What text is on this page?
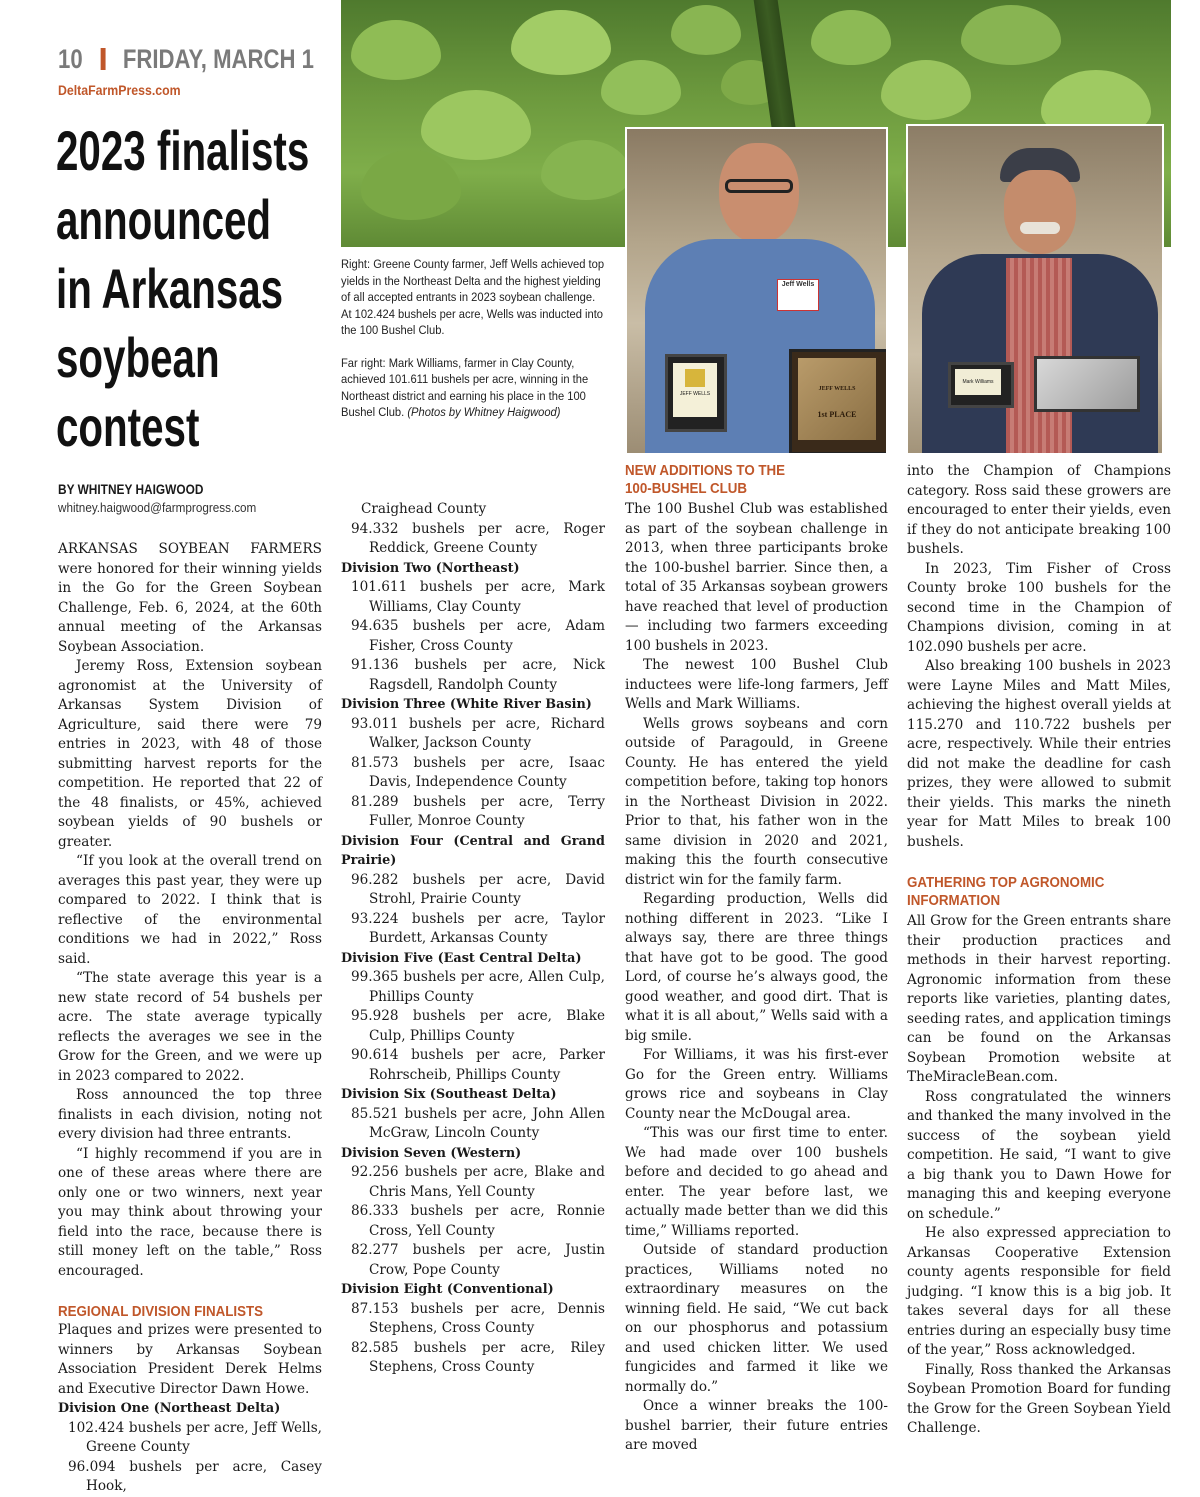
10 FRIDAY, MARCH 1
DeltaFarmPress.com
2023 finalists
announced
in Arkansas
soybean
contest
Right: Greene County farmer, Jeff Wells achieved top yields in the Northeast Delta and the highest yielding of all accepted entrants in 2023 soybean challenge. At 102.424 bushels per acre, Wells was inducted into the 100 Bushel Club.
Far right: Mark Williams, farmer in Clay County, achieved 101.611 bushels per acre, winning in the Northeast district and earning his place in the 100 Bushel Club. (Photos by Whitney Haigwood)
Jeff Wells
JEFF WELLS
JEFF WELLS
1st PLACE
Mark Williams
BY WHITNEY HAIGWOOD
whitney.haigwood@farmprogress.com

ARKANSAS SOYBEAN FARMERS were honored for their winning yields in the Go for the Green Soybean Challenge, Feb. 6, 2024, at the 60th annual meeting of the Arkansas Soybean Association.

Jeremy Ross, Extension soybean agronomist at the University of Arkansas System Division of Agriculture, said there were 79 entries in 2023, with 48 of those submitting harvest reports for the competition. He reported that 22 of the 48 finalists, or 45%, achieved soybean yields of 90 bushels or greater.

“If you look at the overall trend on averages this past year, they were up compared to 2022. I think that is reflective of the environmental conditions we had in 2022,” Ross said.

“The state average this year is a new state record of 54 bushels per acre. The state average typically reflects the averages we see in the Grow for the Green, and we were up in 2023 compared to 2022.

Ross announced the top three finalists in each division, noting not every division had three entrants.

“I highly recommend if you are in one of these areas where there are only one or two winners, next year you may think about throwing your field into the race, because there is still money left on the table,” Ross encouraged.

REGIONAL DIVISION FINALISTS

Plaques and prizes were presented to winners by Arkansas Soybean Association President Derek Helms and Executive Director Dawn Howe.

Division One (Northeast Delta)
102.424 bushels per acre, Jeff Wells, Greene County
96.094 bushels per acre, Casey Hook,
Craighead County
94.332 bushels per acre, Roger Reddick, Greene County
Division Two (Northeast)
101.611 bushels per acre, Mark Williams, Clay County
94.635 bushels per acre, Adam Fisher, Cross County
91.136 bushels per acre, Nick Ragsdell, Randolph County
Division Three (White River Basin)
93.011 bushels per acre, Richard Walker, Jackson County
81.573 bushels per acre, Isaac Davis, Independence County
81.289 bushels per acre, Terry Fuller, Monroe County
Division Four (Central and Grand Prairie)
96.282 bushels per acre, David Strohl, Prairie County
93.224 bushels per acre, Taylor Burdett, Arkansas County
Division Five (East Central Delta)
99.365 bushels per acre, Allen Culp, Phillips County
95.928 bushels per acre, Blake Culp, Phillips County
90.614 bushels per acre, Parker Rohrscheib, Phillips County
Division Six (Southeast Delta)
85.521 bushels per acre, John Allen McGraw, Lincoln County
Division Seven (Western)
92.256 bushels per acre, Blake and Chris Mans, Yell County
86.333 bushels per acre, Ronnie Cross, Yell County
82.277 bushels per acre, Justin Crow, Pope County
Division Eight (Conventional)
87.153 bushels per acre, Dennis Stephens, Cross County
82.585 bushels per acre, Riley Stephens, Cross County
NEW ADDITIONS TO THE
100-BUSHEL CLUB

The 100 Bushel Club was established as part of the soybean challenge in 2013, when three participants broke the 100-bushel barrier. Since then, a total of 35 Arkansas soybean growers have reached that level of production — including two farmers exceeding 100 bushels in 2023.

The newest 100 Bushel Club inductees were life-long farmers, Jeff Wells and Mark Williams.

Wells grows soybeans and corn outside of Paragould, in Greene County. He has entered the yield competition before, taking top honors in the Northeast Division in 2022. Prior to that, his father won in the same division in 2020 and 2021, making this the fourth consecutive district win for the family farm.

Regarding production, Wells did nothing different in 2023. “Like I always say, there are three things that have got to be good. The good Lord, of course he’s always good, the good weather, and good dirt. That is what it is all about,” Wells said with a big smile.

For Williams, it was his first-ever Go for the Green entry. Williams grows rice and soybeans in Clay County near the McDougal area.

“This was our first time to enter. We had made over 100 bushels before and decided to go ahead and enter. The year before last, we actually made better than we did this time,” Williams reported.

Outside of standard production practices, Williams noted no extraordinary measures on the winning field. He said, “We cut back on our phosphorus and potassium and used chicken litter. We used fungicides and farmed it like we normally do.”

Once a winner breaks the 100-bushel barrier, their future entries are moved

into the Champion of Champions category. Ross said these growers are encouraged to enter their yields, even if they do not anticipate breaking 100 bushels.

In 2023, Tim Fisher of Cross County broke 100 bushels for the second time in the Champion of Champions division, coming in at 102.090 bushels per acre.

Also breaking 100 bushels in 2023 were Layne Miles and Matt Miles, achieving the highest overall yields at 115.270 and 110.722 bushels per acre, respectively. While their entries did not make the deadline for cash prizes, they were allowed to submit their yields. This marks the nineth year for Matt Miles to break 100 bushels.

GATHERING TOP AGRONOMIC
INFORMATION

All Grow for the Green entrants share their production practices and methods in their harvest reporting. Agronomic information from these reports like varieties, planting dates, seeding rates, and application timings can be found on the Arkansas Soybean Promotion website at TheMiracleBean.com.

Ross congratulated the winners and thanked the many involved in the success of the soybean yield competition. He said, “I want to give a big thank you to Dawn Howe for managing this and keeping everyone on schedule.”

He also expressed appreciation to Arkansas Cooperative Extension county agents responsible for field judging. “I know this is a big job. It takes several days for all these entries during an especially busy time of the year,” Ross acknowledged.

Finally, Ross thanked the Arkansas Soybean Promotion Board for funding the Grow for the Green Soybean Yield Challenge.
